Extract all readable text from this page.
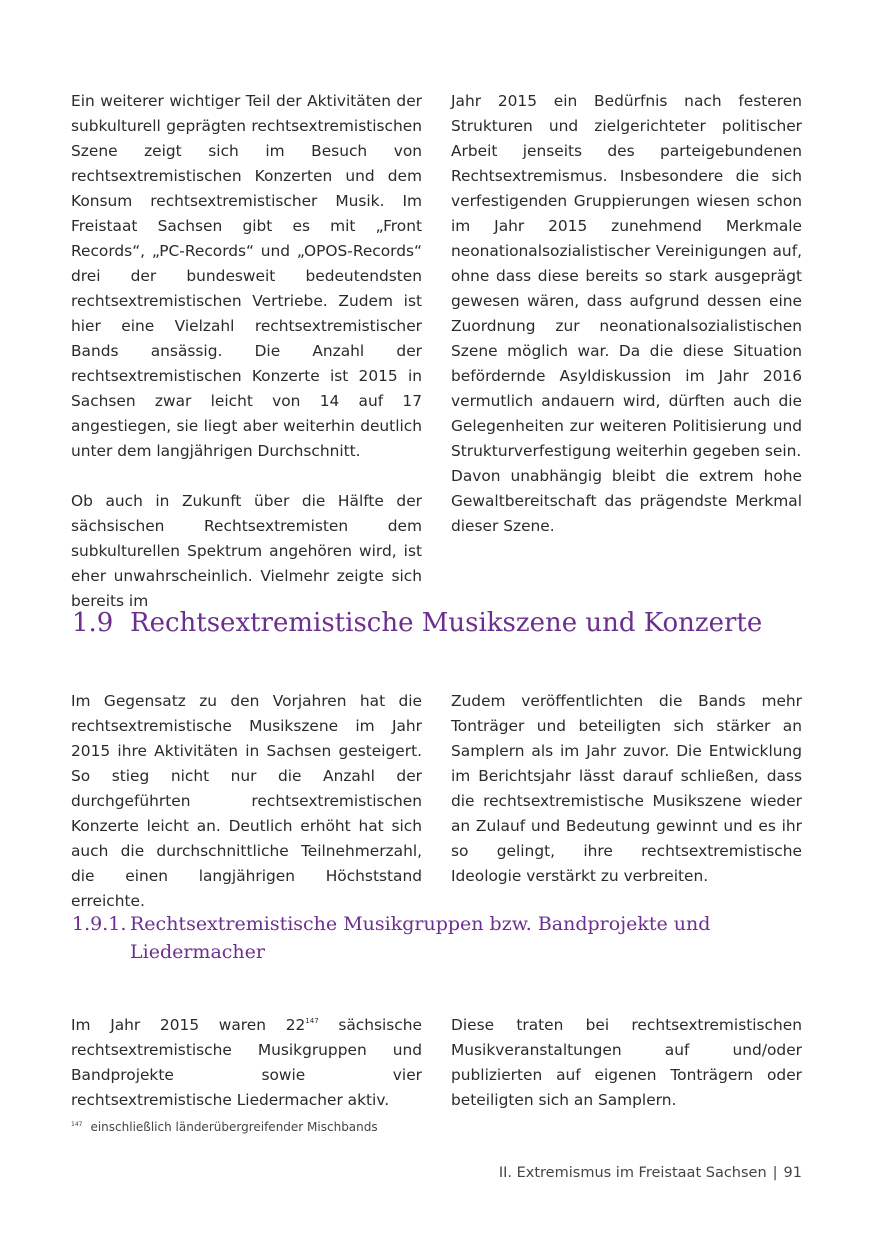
Ein weiterer wichtiger Teil der Aktivitäten der subkulturell geprägten rechtsextremistischen Szene zeigt sich im Besuch von rechtsextremistischen Konzerten und dem Konsum rechtsextremistischer Musik. Im Freistaat Sachsen gibt es mit „Front Records“, „PC-Records“ und „OPOS-Records“ drei der bundesweit bedeutendsten rechtsextremistischen Vertriebe. Zudem ist hier eine Vielzahl rechtsextremistischer Bands ansässig. Die Anzahl der rechtsextremistischen Konzerte ist 2015 in Sachsen zwar leicht von 14 auf 17 angestiegen, sie liegt aber weiterhin deutlich unter dem langjährigen Durchschnitt.

Ob auch in Zukunft über die Hälfte der sächsischen Rechtsextremisten dem subkulturellen Spektrum angehören wird, ist eher unwahrscheinlich. Vielmehr zeigte sich bereits im

Jahr 2015 ein Bedürfnis nach festeren Strukturen und zielgerichteter politischer Arbeit jenseits des parteigebundenen Rechtsextremismus. Insbesondere die sich verfestigenden Gruppierungen wiesen schon im Jahr 2015 zunehmend Merkmale neonationalsozialistischer Vereinigungen auf, ohne dass diese bereits so stark ausgeprägt gewesen wären, dass aufgrund dessen eine Zuordnung zur neonationalsozialistischen Szene möglich war. Da die diese Situation befördernde Asyldiskussion im Jahr 2016 vermutlich andauern wird, dürften auch die Gelegenheiten zur weiteren Politisierung und Strukturverfestigung weiterhin gegeben sein.

Davon unabhängig bleibt die extrem hohe Gewaltbereitschaft das prägendste Merkmal dieser Szene.

1.9 Rechtsextremistische Musikszene und Konzerte

Im Gegensatz zu den Vorjahren hat die rechtsextremistische Musikszene im Jahr 2015 ihre Aktivitäten in Sachsen gesteigert. So stieg nicht nur die Anzahl der durchgeführten rechtsextremistischen Konzerte leicht an. Deutlich erhöht hat sich auch die durchschnittliche Teilnehmerzahl, die einen langjährigen Höchststand erreichte.

Zudem veröffentlichten die Bands mehr Tonträger und beteiligten sich stärker an Samplern als im Jahr zuvor. Die Entwicklung im Berichtsjahr lässt darauf schließen, dass die rechtsextremistische Musikszene wieder an Zulauf und Bedeutung gewinnt und es ihr so gelingt, ihre rechtsextremistische Ideologie verstärkt zu verbreiten.

1.9.1. Rechtsextremistische Musikgruppen bzw. Bandprojekte und
Liedermacher

Im Jahr 2015 waren 22$^{147}$ sächsische rechtsextremistische Musikgruppen und Bandprojekte sowie vier rechtsextremistische Liedermacher aktiv.

Diese traten bei rechtsextremistischen Musikveranstaltungen auf und/oder publizierten auf eigenen Tonträgern oder beteiligten sich an Samplern.

$^{147}$ einschließlich länderübergreifender Mischbands
II. Extremismus im Freistaat Sachsen | 91
